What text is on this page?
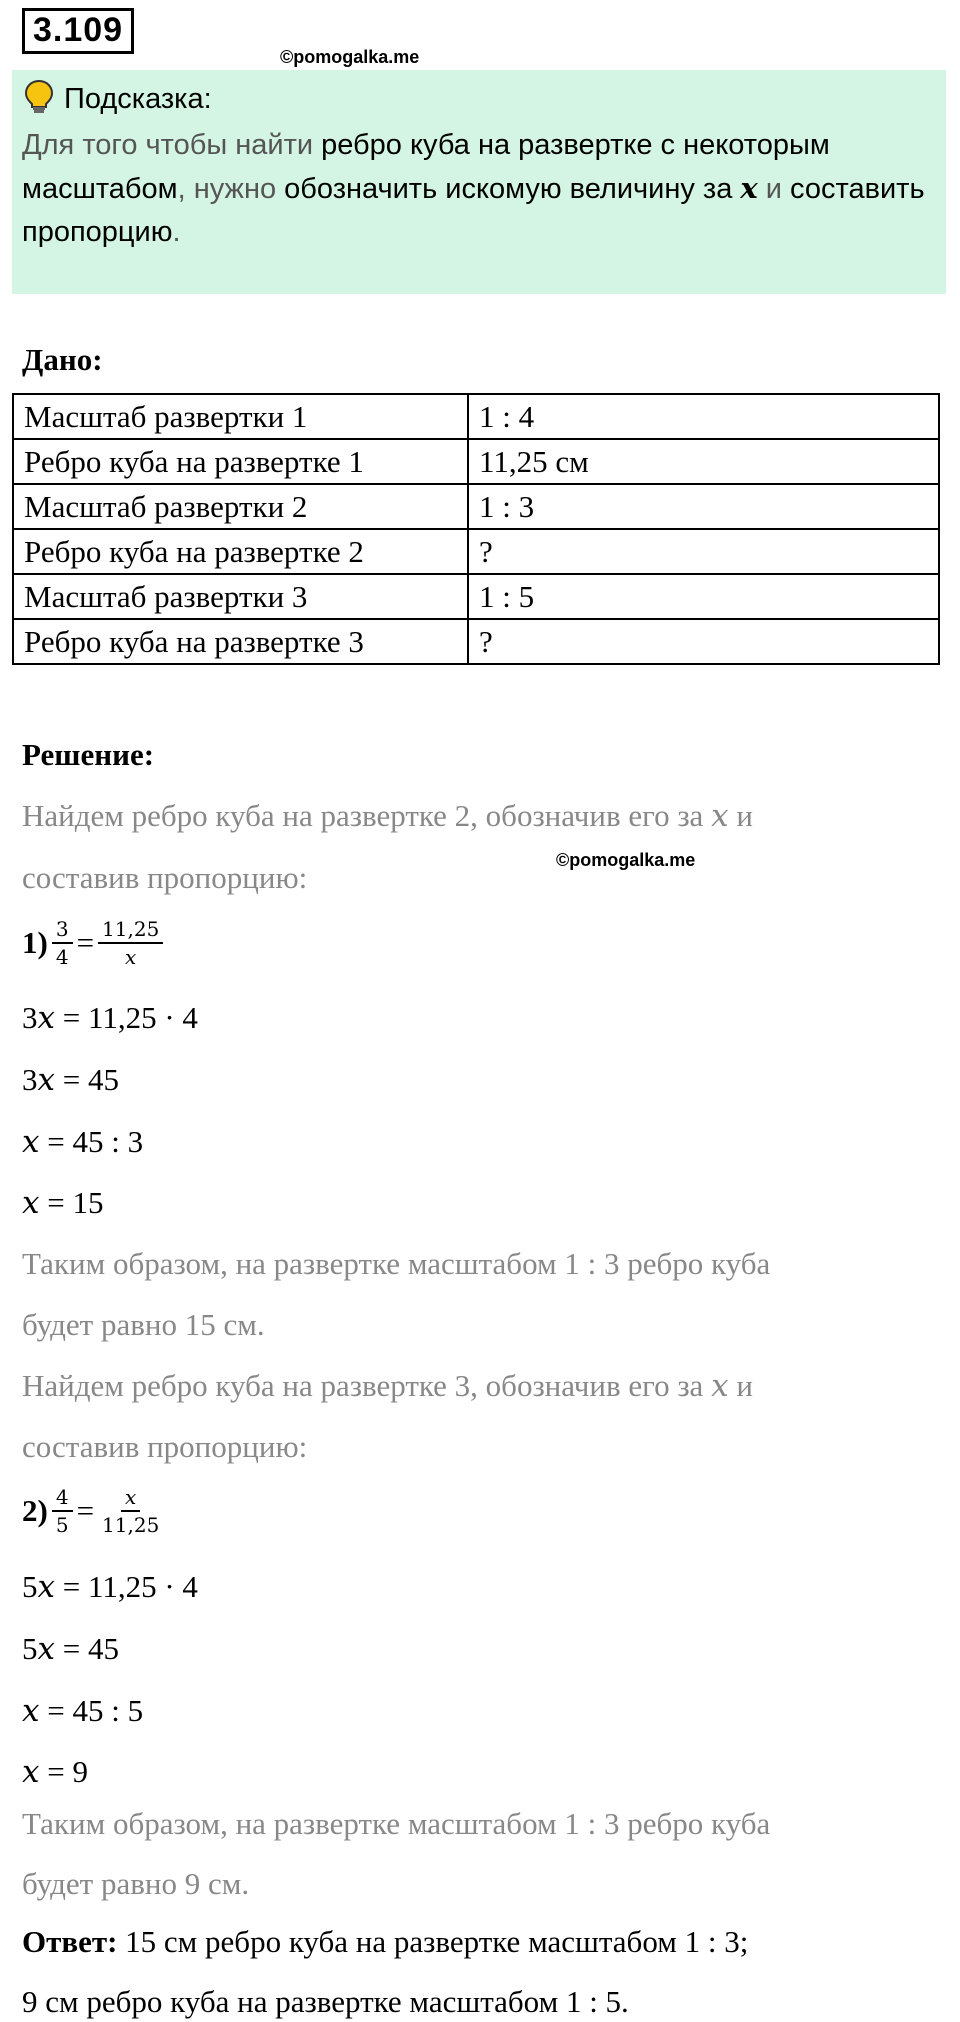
3.109
©pomogalka.me
Подсказка:
Для того чтобы найти ребро куба на развертке с некоторым масштабом, нужно обозначить искомую величину за x и составить пропорцию.
Дано:
Масштаб развертки 1	1 : 4
Ребро куба на развертке 1	11,25 см
Масштаб развертки 2	1 : 3
Ребро куба на развертке 2	?
Масштаб развертки 3	1 : 5
Ребро куба на развертке 3	?
Решение:
Найдем ребро куба на развертке 2, обозначив его за x и
©pomogalka.me
составив пропорцию:
$1) \frac{3}{4} = \frac{11,25}{x}$
3x = 11,25 · 4
3x = 45
x = 45 : 3
x = 15
Таким образом, на развертке масштабом 1 : 3 ребро куба
будет равно 15 см.
Найдем ребро куба на развертке 3, обозначив его за x и
составив пропорцию:
$2) \frac{4}{5} = \frac{x}{11,25}$
5x = 11,25 · 4
5x = 45
x = 45 : 5
x = 9
Таким образом, на развертке масштабом 1 : 3 ребро куба
будет равно 9 см.
Ответ: 15 см ребро куба на развертке масштабом 1 : 3;
9 см ребро куба на развертке масштабом 1 : 5.
